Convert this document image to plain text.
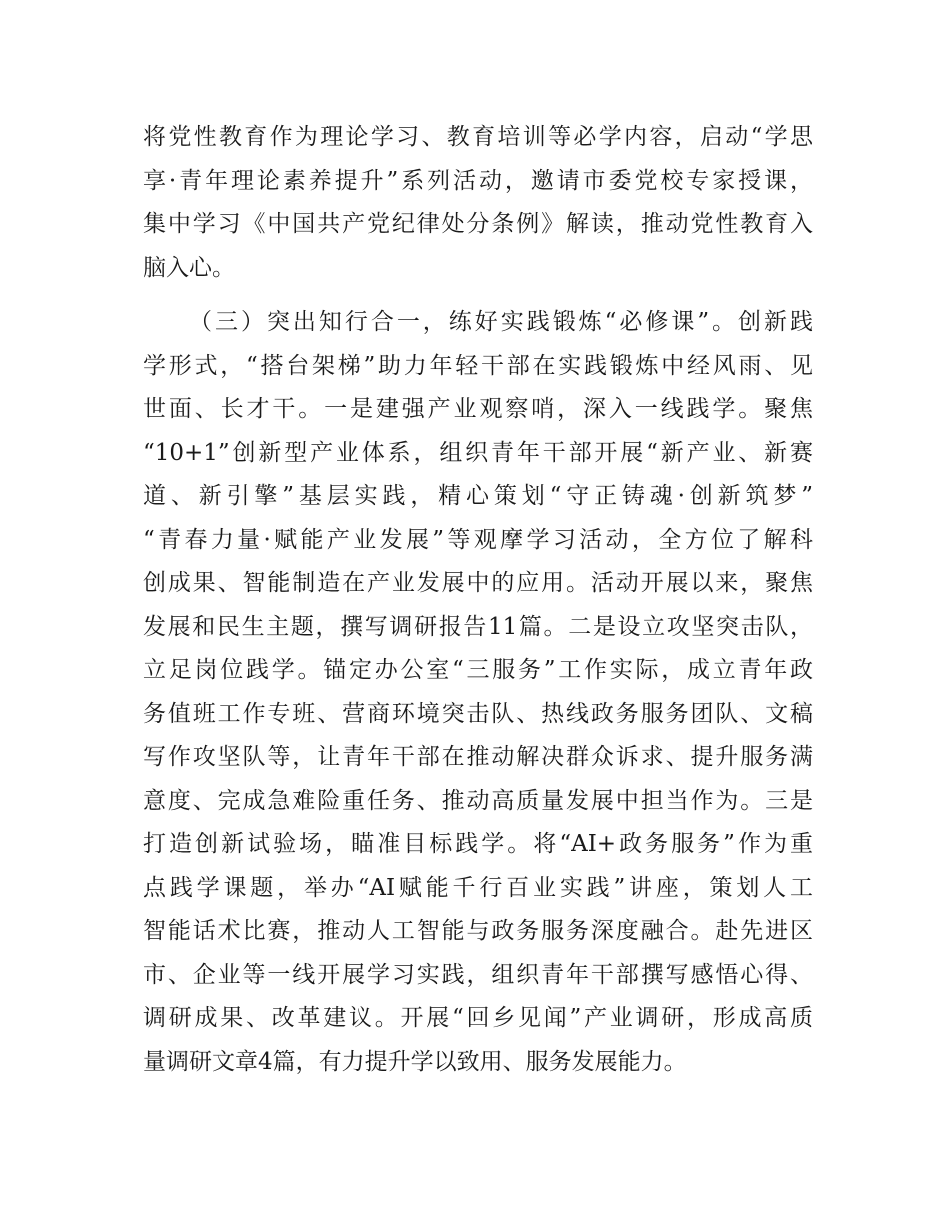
将党性教育作为理论学习、教育培训等必学内容，启动“学思
享·青年理论素养提升”系列活动，邀请市委党校专家授课，
集中学习《中国共产党纪律处分条例》解读，推动党性教育入
脑入心。
（三）突出知行合一，练好实践锻炼“必修课”。创新践
学形式，“搭台架梯”助力年轻干部在实践锻炼中经风雨、见
世面、长才干。一是建强产业观察哨，深入一线践学。聚焦
“10+1”创新型产业体系，组织青年干部开展“新产业、新赛
道、新引擎”基层实践，精心策划“守正铸魂·创新筑梦”
“青春力量·赋能产业发展”等观摩学习活动，全方位了解科
创成果、智能制造在产业发展中的应用。活动开展以来，聚焦
发展和民生主题，撰写调研报告11篇。二是设立攻坚突击队，
立足岗位践学。锚定办公室“三服务”工作实际，成立青年政
务值班工作专班、营商环境突击队、热线政务服务团队、文稿
写作攻坚队等，让青年干部在推动解决群众诉求、提升服务满
意度、完成急难险重任务、推动高质量发展中担当作为。三是
打造创新试验场，瞄准目标践学。将“AI+政务服务”作为重
点践学课题，举办“AI赋能千行百业实践”讲座，策划人工
智能话术比赛，推动人工智能与政务服务深度融合。赴先进区
市、企业等一线开展学习实践，组织青年干部撰写感悟心得、
调研成果、改革建议。开展“回乡见闻”产业调研，形成高质
量调研文章4篇，有力提升学以致用、服务发展能力。
